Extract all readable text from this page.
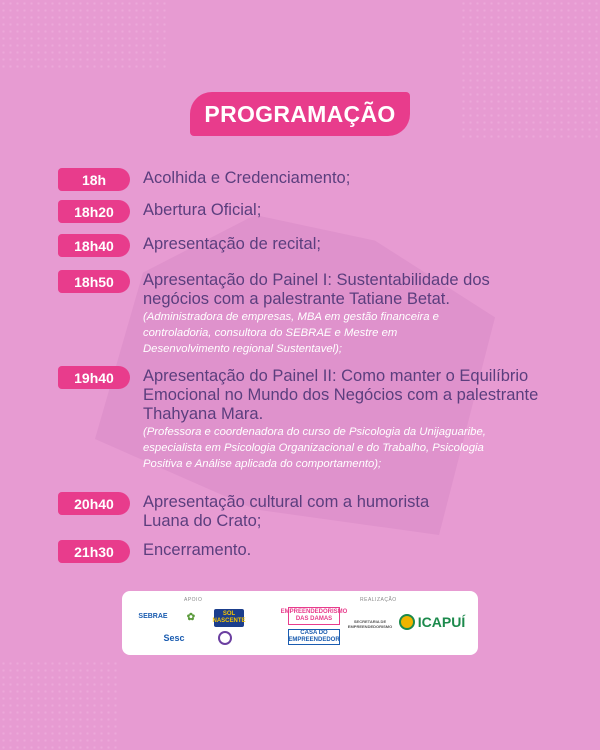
PROGRAMAÇÃO
18h	Acolhida e Credenciamento;
18h20	Abertura Oficial;
18h40	Apresentação de recital;
18h50	Apresentação do Painel I: Sustentabilidade dos negócios com a palestrante Tatiane Betat.
(Administradora de empresas, MBA em gestão financeira e controladoria, consultora do SEBRAE e Mestre em Desenvolvimento regional Sustentavel);
19h40	Apresentação do Painel II: Como manter o Equilíbrio Emocional no Mundo dos Negócios com a palestrante Thahyana Mara.
(Professora e coordenadora do curso de Psicologia da Unijaguaribe, especialista em Psicologia Organizacional e do Trabalho, Psicologia Positiva e Análise aplicada do comportamento);
20h40	Apresentação cultural com a humorista Luana do Crato;
21h30	Encerramento.
APOIO	REALIZAÇÃO
SEBRAE	✿	SOL NASCENTE
Sesc
EMPREENDEDORISMO DAS DAMAS
CASA DO EMPREENDEDOR
SECRETARIA DE EMPREENDEDORISMO ICAPUÍ
